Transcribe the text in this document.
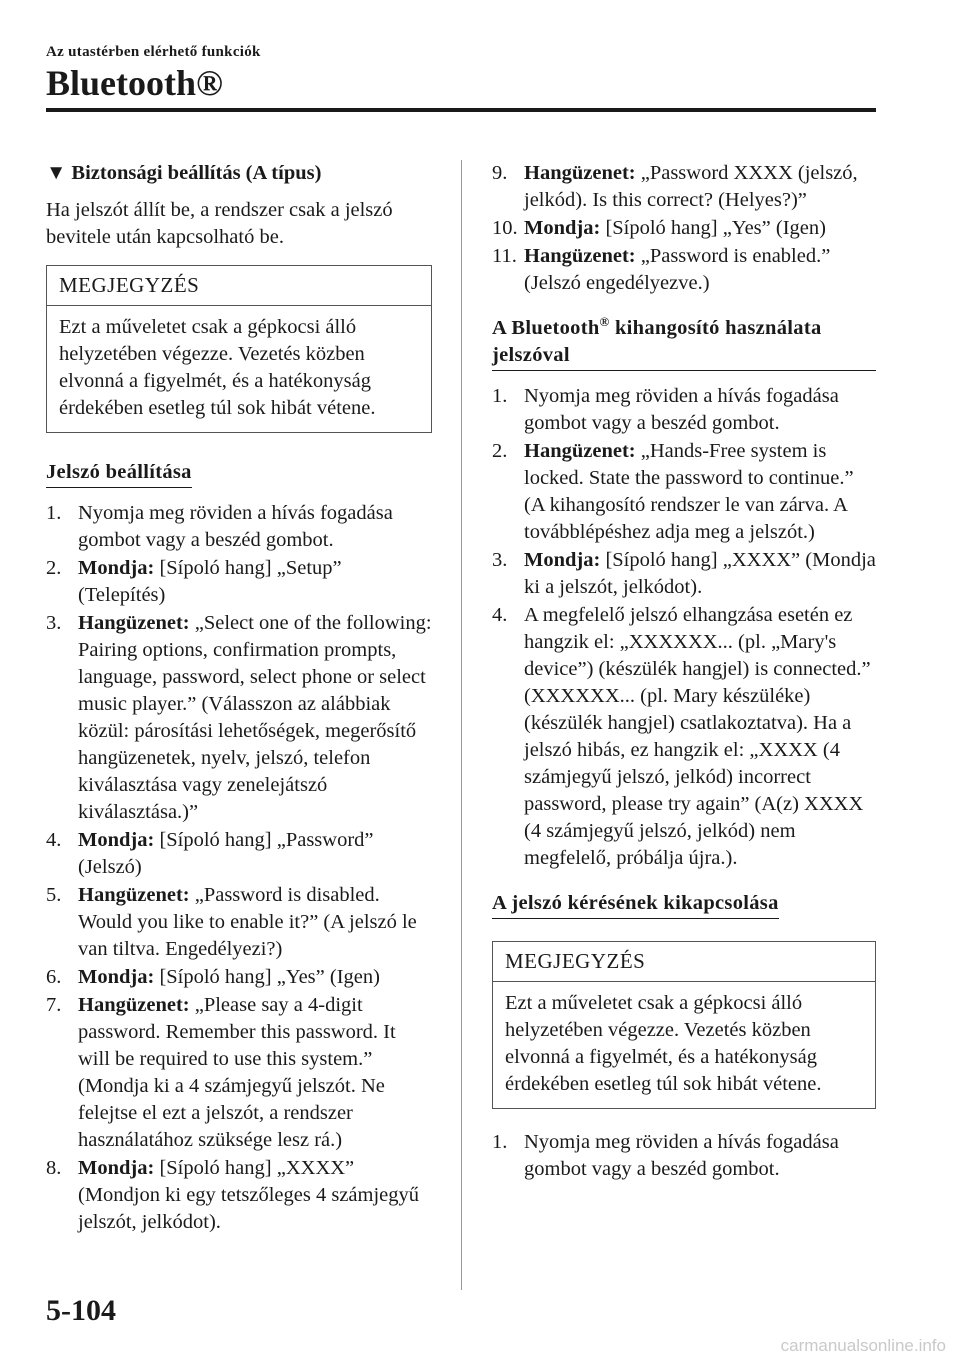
Az utastérben elérhető funkciók
Bluetooth®
▼ Biztonsági beállítás (A típus)
Ha jelszót állít be, a rendszer csak a jelszó bevitele után kapcsolható be.
MEGJEGYZÉS
Ezt a műveletet csak a gépkocsi álló helyzetében végezze. Vezetés közben elvonná a figyelmét, és a hatékonyság érdekében esetleg túl sok hibát vétene.
Jelszó beállítása
1. Nyomja meg röviden a hívás fogadása gombot vagy a beszéd gombot.
2. Mondja: [Sípoló hang] „Setup” (Telepítés)
3. Hangüzenet: „Select one of the following: Pairing options, confirmation prompts, language, password, select phone or select music player.” (Válasszon az alábbiak közül: párosítási lehetőségek, megerősítő hangüzenetek, nyelv, jelszó, telefon kiválasztása vagy zenelejátszó kiválasztása.)”
4. Mondja: [Sípoló hang] „Password” (Jelszó)
5. Hangüzenet: „Password is disabled. Would you like to enable it?” (A jelszó le van tiltva. Engedélyezi?)
6. Mondja: [Sípoló hang] „Yes” (Igen)
7. Hangüzenet: „Please say a 4-digit password. Remember this password. It will be required to use this system.” (Mondja ki a 4 számjegyű jelszót. Ne felejtse el ezt a jelszót, a rendszer használatához szüksége lesz rá.)
8. Mondja: [Sípoló hang] „XXXX” (Mondjon ki egy tetszőleges 4 számjegyű jelszót, jelkódot).
9. Hangüzenet: „Password XXXX (jelszó, jelkód). Is this correct? (Helyes?)”
10. Mondja: [Sípoló hang] „Yes” (Igen)
11. Hangüzenet: „Password is enabled.” (Jelszó engedélyezve.)
A Bluetooth® kihangosító használata jelszóval
1. Nyomja meg röviden a hívás fogadása gombot vagy a beszéd gombot.
2. Hangüzenet: „Hands-Free system is locked. State the password to continue.” (A kihangosító rendszer le van zárva. A továbblépéshez adja meg a jelszót.)
3. Mondja: [Sípoló hang] „XXXX” (Mondja ki a jelszót, jelkódot).
4. A megfelelő jelszó elhangzása esetén ez hangzik el: „XXXXXX... (pl. „Mary's device”) (készülék hangjel) is connected.” (XXXXXX... (pl. Mary készüléke) (készülék hangjel) csatlakoztatva). Ha a jelszó hibás, ez hangzik el: „XXXX (4 számjegyű jelszó, jelkód) incorrect password, please try again” (A(z) XXXX (4 számjegyű jelszó, jelkód) nem megfelelő, próbálja újra.).
A jelszó kérésének kikapcsolása
MEGJEGYZÉS
Ezt a műveletet csak a gépkocsi álló helyzetében végezze. Vezetés közben elvonná a figyelmét, és a hatékonyság érdekében esetleg túl sok hibát vétene.
1. Nyomja meg röviden a hívás fogadása gombot vagy a beszéd gombot.
5-104
carmanualsonline.info
